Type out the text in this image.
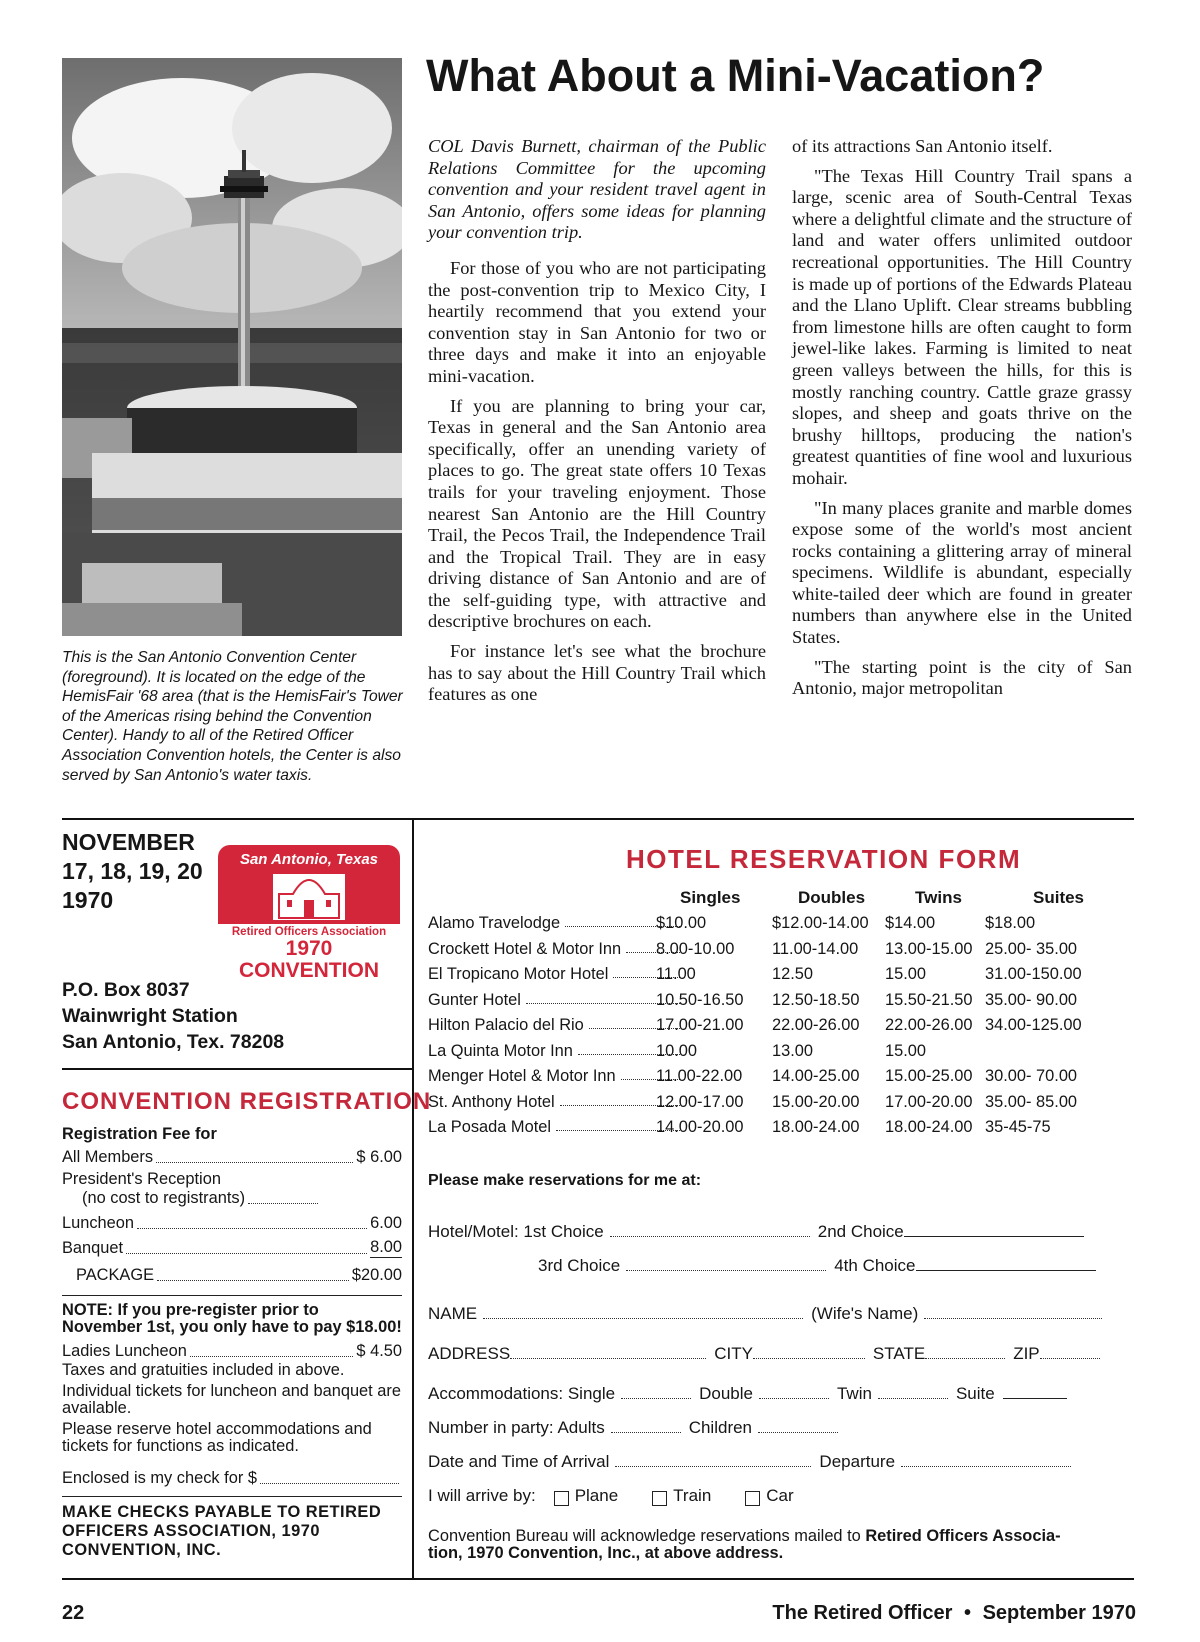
This is the San Antonio Convention Center (foreground). It is located on the edge of the HemisFair '68 area (that is the HemisFair's Tower of the Americas rising behind the Convention Center). Handy to all of the Retired Officer Association Convention hotels, the Center is also served by San Antonio's water taxis.
What About a Mini-Vacation?

COL Davis Burnett, chairman of the Public Relations Committee for the upcoming convention and your resident travel agent in San Antonio, offers some ideas for planning your convention trip.

For those of you who are not participating the post-convention trip to Mexico City, I heartily recommend that you extend your convention stay in San Antonio for two or three days and make it into an enjoyable mini-vacation.

If you are planning to bring your car, Texas in general and the San Antonio area specifically, offer an unending variety of places to go. The great state offers 10 Texas trails for your traveling enjoyment. Those nearest San Antonio are the Hill Country Trail, the Pecos Trail, the Independence Trail and the Tropical Trail. They are in easy driving distance of San Antonio and are of the self-guiding type, with attractive and descriptive brochures on each.

For instance let's see what the brochure has to say about the Hill Country Trail which features as one

of its attractions San Antonio itself.

"The Texas Hill Country Trail spans a large, scenic area of South-Central Texas where a delightful climate and the structure of land and water offers unlimited outdoor recreational opportunities. The Hill Country is made up of portions of the Edwards Plateau and the Llano Uplift. Clear streams bubbling from limestone hills are often caught to form jewel-like lakes. Farming is limited to neat green valleys between the hills, for this is mostly ranching country. Cattle graze grassy slopes, and sheep and goats thrive on the brushy hilltops, producing the nation's greatest quantities of fine wool and luxurious mohair.

"In many places granite and marble domes expose some of the world's most ancient rocks containing a glittering array of mineral specimens. Wildlife is abundant, especially white-tailed deer which are found in greater numbers than anywhere else in the United States.

"The starting point is the city of San Antonio, major metropolitan

NOVEMBER
17, 18, 19, 20
1970
San Antonio, Texas
Retired Officers Association
1970 CONVENTION
P.O. Box 8037
Wainwright Station
San Antonio, Tex. 78208
CONVENTION REGISTRATION
Registration Fee for
All Members	$ 6.00
President's Reception
(no cost to registrants)
Luncheon	6.00
Banquet	8.00
PACKAGE	$20.00
NOTE: If you pre-register prior to November 1st, you only have to pay $18.00!
Ladies Luncheon	$ 4.50
Taxes and gratuities included in above.
Individual tickets for luncheon and banquet are available.
Please reserve hotel accommodations and tickets for functions as indicated.
Enclosed is my check for $
MAKE CHECKS PAYABLE TO RETIRED OFFICERS ASSOCIATION, 1970 CONVENTION, INC.
HOTEL RESERVATION FORM
Singles	Doubles	Twins	Suites
Alamo Travelodge	$10.00	$12.00-14.00 $14.00	$18.00
Crockett Hotel & Motor Inn 8.00-10.00 11.00-14.00 13.00-15.00 25.00- 35.00
El Tropicano Motor Hotel	11.00	12.50	15.00	31.00-150.00
Gunter Hotel	10.50-16.50 12.50-18.50 15.50-21.50 35.00- 90.00
Hilton Palacio del Rio	17.00-21.00 22.00-26.00 22.00-26.00 34.00-125.00
La Quinta Motor Inn	10.00	13.00	15.00
Menger Hotel & Motor Inn 11.00-22.00 14.00-25.00 15.00-25.00 30.00- 70.00
St. Anthony Hotel	12.00-17.00 15.00-20.00 17.00-20.00 35.00- 85.00
La Posada Motel	14.00-20.00 18.00-24.00 18.00-24.00 35-45-75
Please make reservations for me at:
Hotel/Motel: 1st Choice	2nd Choice
3rd Choice	4th Choice
NAME	(Wife's Name)
ADDRESS	CITY	STATE	ZIP
Accommodations: Single	Double	Twin	Suite
Number in party: Adults	Children
Date and Time of Arrival	Departure
I will arrive by: Plane	Train	Car
Convention Bureau will acknowledge reservations mailed to Retired Officers Associa-
tion, 1970 Convention, Inc., at above address.
22	The Retired Officer • September 1970
